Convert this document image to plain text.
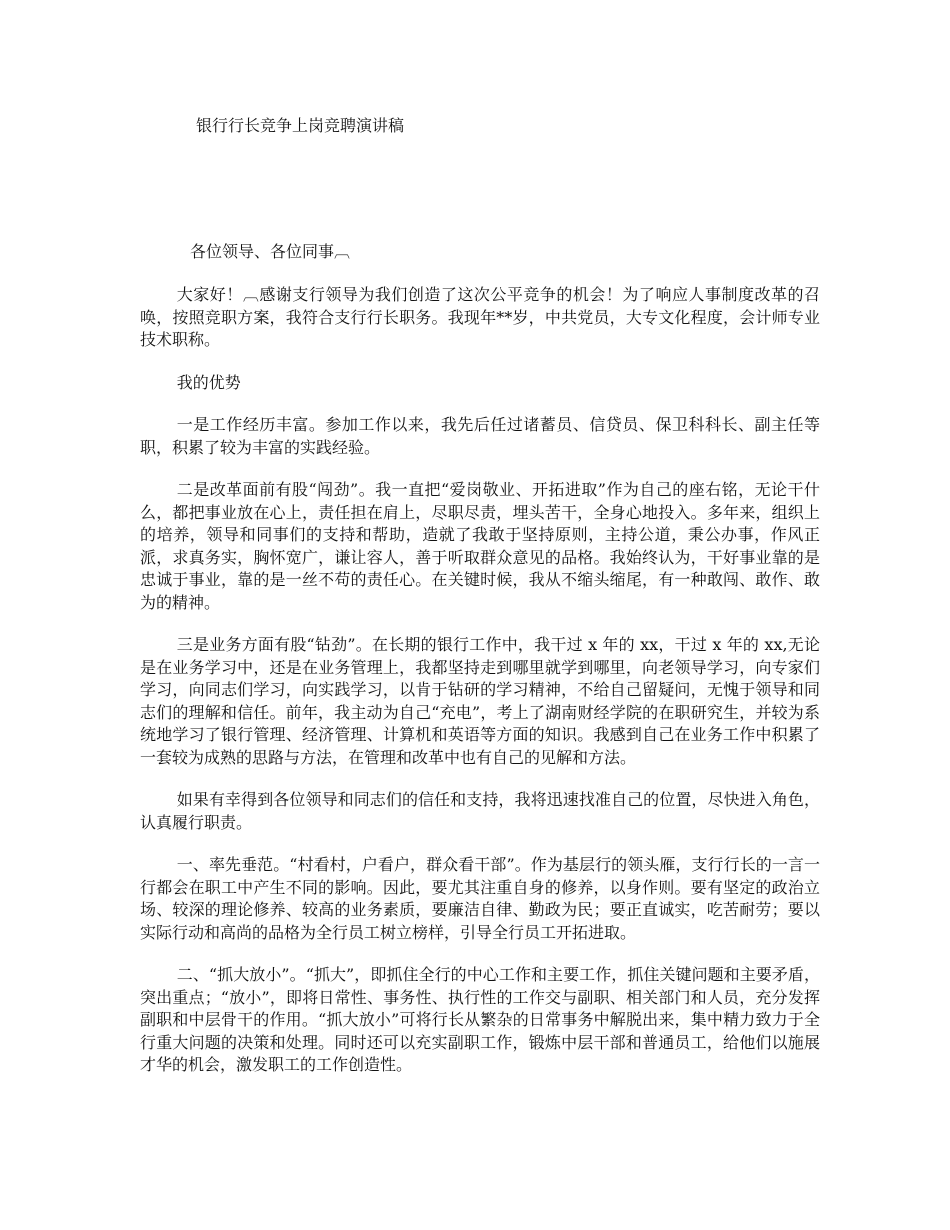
银行行长竞争上岗竞聘演讲稿
各位领导、各位同事︹

大家好！︹感谢支行领导为我们创造了这次公平竞争的机会！为了响应人事制度改革的召唤，按照竞职方案，我符合支行行长职务。我现年**岁，中共党员，大专文化程度，会计师专业技术职称。

我的优势

一是工作经历丰富。参加工作以来，我先后任过诸蓄员、信贷员、保卫科科长、副主任等职，积累了较为丰富的实践经验。

二是改革面前有股“闯劲”。我一直把“爱岗敬业、开拓进取”作为自己的座右铭，无论干什么，都把事业放在心上，责任担在肩上，尽职尽责，埋头苦干，全身心地投入。多年来，组织上的培养，领导和同事们的支持和帮助，造就了我敢于坚持原则，主持公道，秉公办事，作风正派，求真务实，胸怀宽广，谦让容人，善于听取群众意见的品格。我始终认为，干好事业靠的是忠诚于事业，靠的是一丝不苟的责任心。在关键时候，我从不缩头缩尾，有一种敢闯、敢作、敢为的精神。

三是业务方面有股“钻劲”。在长期的银行工作中，我干过 x 年的 xx，干过 x 年的 xx,无论是在业务学习中，还是在业务管理上，我都坚持走到哪里就学到哪里，向老领导学习，向专家们学习，向同志们学习，向实践学习，以肯于钻研的学习精神，不给自己留疑问，无愧于领导和同志们的理解和信任。前年，我主动为自己“充电”，考上了湖南财经学院的在职研究生，并较为系统地学习了银行管理、经济管理、计算机和英语等方面的知识。我感到自己在业务工作中积累了一套较为成熟的思路与方法，在管理和改革中也有自己的见解和方法。

如果有幸得到各位领导和同志们的信任和支持，我将迅速找准自己的位置，尽快进入角色，认真履行职责。

一、率先垂范。“村看村，户看户，群众看干部”。作为基层行的领头雁，支行行长的一言一行都会在职工中产生不同的影响。因此，要尤其注重自身的修养，以身作则。要有坚定的政治立场、较深的理论修养、较高的业务素质，要廉洁自律、勤政为民；要正直诚实，吃苦耐劳；要以实际行动和高尚的品格为全行员工树立榜样，引导全行员工开拓进取。

二、“抓大放小”。“抓大”，即抓住全行的中心工作和主要工作，抓住关键问题和主要矛盾，突出重点；“放小”，即将日常性、事务性、执行性的工作交与副职、相关部门和人员，充分发挥副职和中层骨干的作用。“抓大放小”可将行长从繁杂的日常事务中解脱出来，集中精力致力于全行重大问题的决策和处理。同时还可以充实副职工作，锻炼中层干部和普通员工，给他们以施展才华的机会，激发职工的工作创造性。
